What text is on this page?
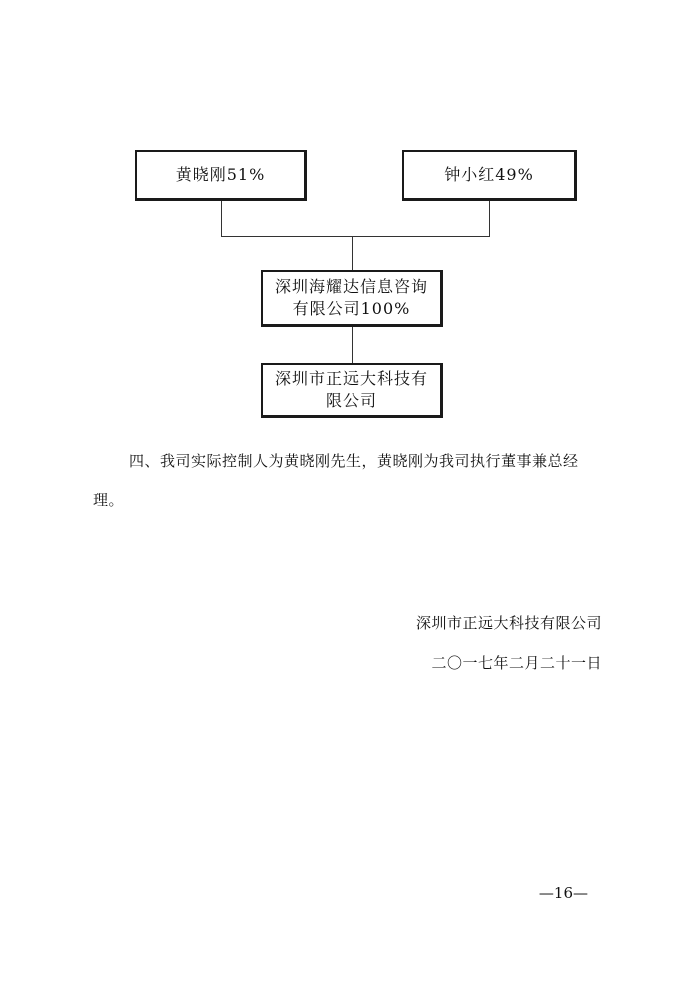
黄晓刚51%	钟小红49%
深圳海耀达信息咨询
有限公司100%
深圳市正远大科技有
限公司
四、我司实际控制人为黄晓刚先生，黄晓刚为我司执行董事兼总经
理。
深圳市正远大科技有限公司
二〇一七年二月二十一日
—16—
